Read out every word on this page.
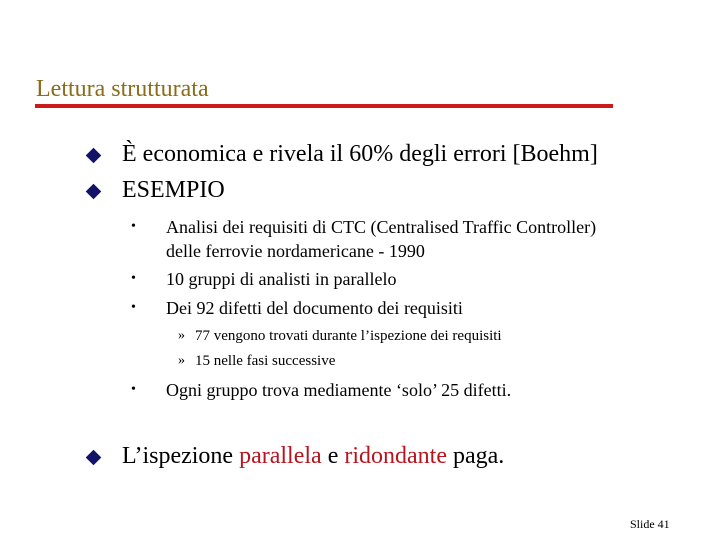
Lettura strutturata
È economica e rivela il 60% degli errori [Boehm]
ESEMPIO
• Analisi dei requisiti di CTC (Centralised Traffic Controller)
delle ferrovie nordamericane - 1990
• 10 gruppi di analisti in parallelo
• Dei 92 difetti del documento dei requisiti
» 77 vengono trovati durante l’ispezione dei requisiti
» 15 nelle fasi successive
• Ogni gruppo trova mediamente ‘solo’ 25 difetti.
L’ispezione parallela e ridondante paga.
Slide 41
